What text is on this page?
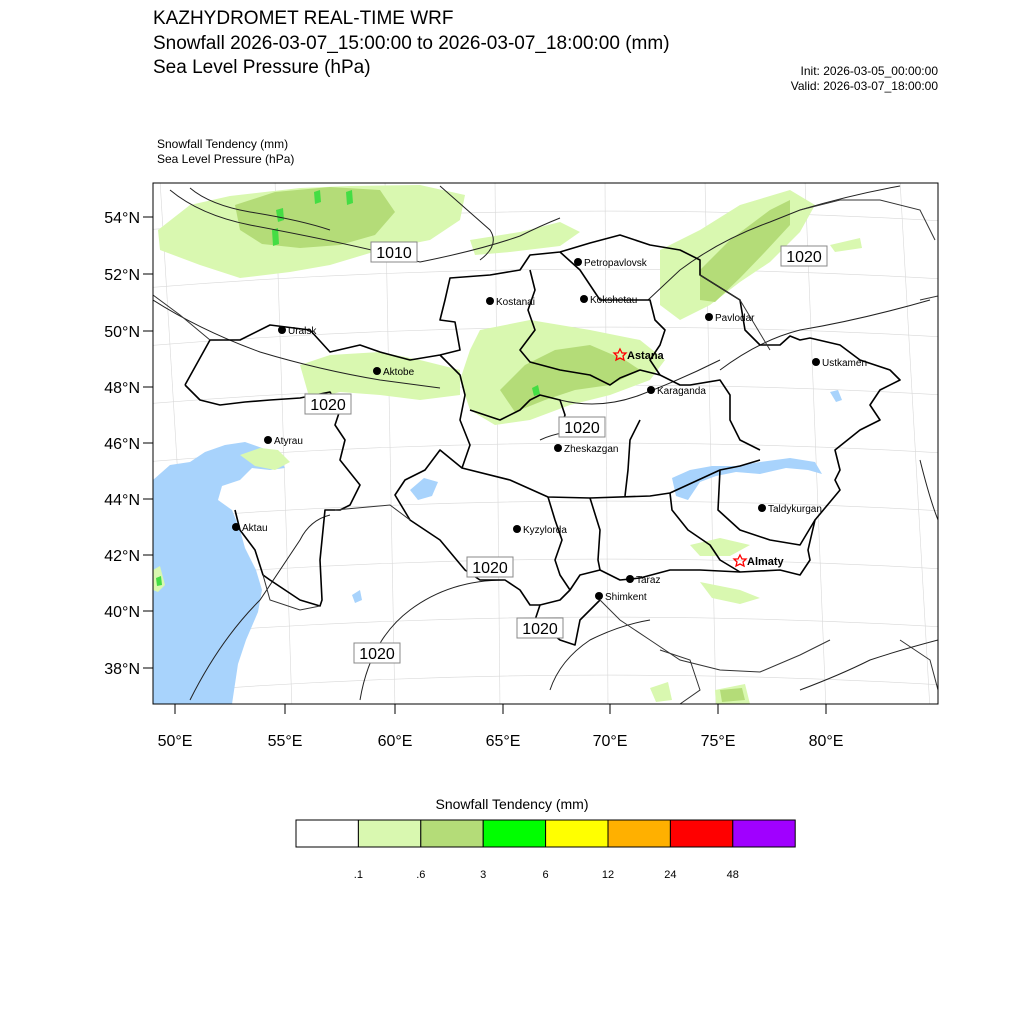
KAZHYDROMET REAL-TIME WRF
Snowfall 2026-03-07_15:00:00 to 2026-03-07_18:00:00 (mm)
Sea Level Pressure (hPa)	Init: 2026-03-05_00:00:00
Valid: 2026-03-07_18:00:00
Snowfall Tendency (mm)
Sea Level Pressure (hPa)
54°N
52°N
50°N
48°N
46°N
44°N
42°N
40°N
38°N
50°E	55°E	60°E	65°E	70°E	75°E	80°E
1010	1020
1020
1020
1020
1020
1020
Petropavlovsk
Kostanai	Kokshetau
Uralsk
Pavlodar
Astana
Ustkamen
Aktobe
Karaganda
Atyrau
Zheskazgan
Aktau
Taldykurgan
Kyzylorda
Almaty
Taraz
Shimkent
.1	.6	3	6	12	24	48
Snowfall Tendency (mm)
